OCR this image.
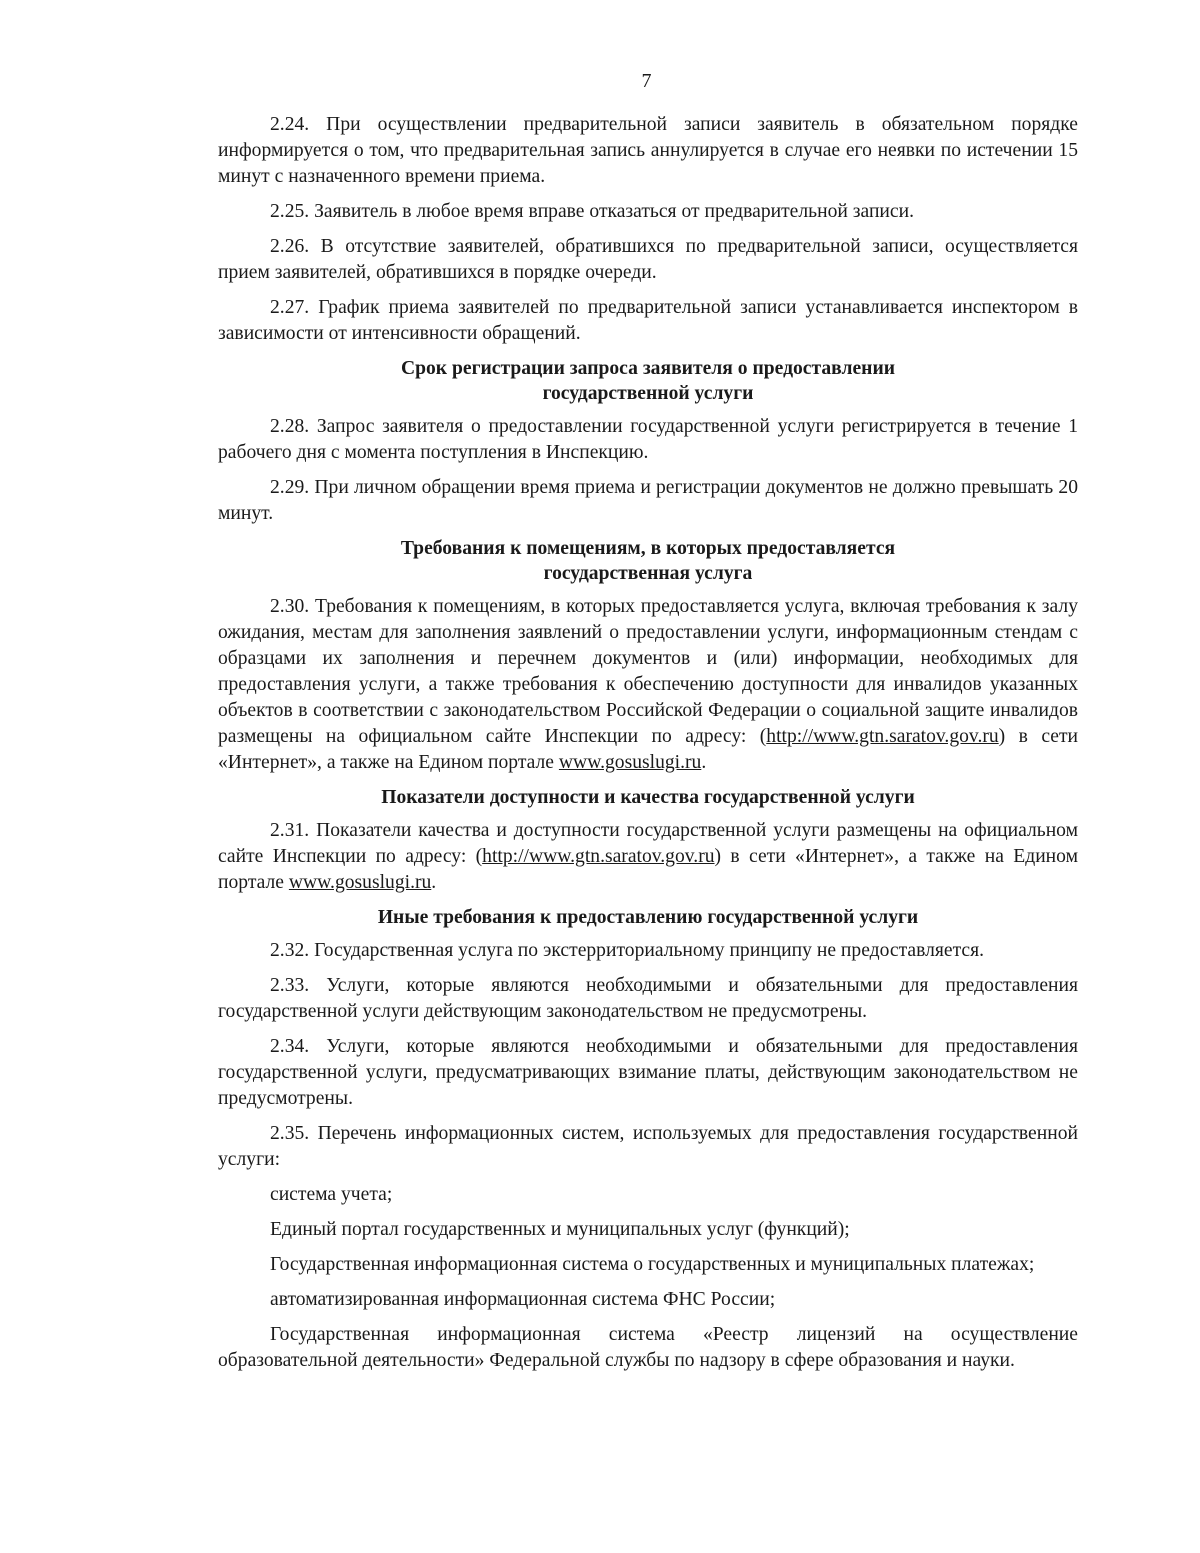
7

2.24. При осуществлении предварительной записи заявитель в обязательном порядке информируется о том, что предварительная запись аннулируется в случае его неявки по истечении 15 минут с назначенного времени приема.

2.25. Заявитель в любое время вправе отказаться от предварительной записи.

2.26. В отсутствие заявителей, обратившихся по предварительной записи, осуществляется прием заявителей, обратившихся в порядке очереди.

2.27. График приема заявителей по предварительной записи устанавливается инспектором в зависимости от интенсивности обращений.

Срок регистрации запроса заявителя о предоставлении
государственной услуги

2.28. Запрос заявителя о предоставлении государственной услуги регистрируется в течение 1 рабочего дня с момента поступления в Инспекцию.

2.29. При личном обращении время приема и регистрации документов не должно превышать 20 минут.

Требования к помещениям, в которых предоставляется
государственная услуга

2.30. Требования к помещениям, в которых предоставляется услуга, включая требования к залу ожидания, местам для заполнения заявлений о предоставлении услуги, информационным стендам с образцами их заполнения и перечнем документов и (или) информации, необходимых для предоставления услуги, а также требования к обеспечению доступности для инвалидов указанных объектов в соответствии с законодательством Российской Федерации о социальной защите инвалидов размещены на официальном сайте Инспекции по адресу: (http://www.gtn.saratov.gov.ru) в сети «Интернет», а также на Едином портале www.gosuslugi.ru.

Показатели доступности и качества государственной услуги

2.31. Показатели качества и доступности государственной услуги размещены на официальном сайте Инспекции по адресу: (http://www.gtn.saratov.gov.ru) в сети «Интернет», а также на Едином портале www.gosuslugi.ru.

Иные требования к предоставлению государственной услуги

2.32. Государственная услуга по экстерриториальному принципу не предоставляется.

2.33. Услуги, которые являются необходимыми и обязательными для предоставления государственной услуги действующим законодательством не предусмотрены.

2.34. Услуги, которые являются необходимыми и обязательными для предоставления государственной услуги, предусматривающих взимание платы, действующим законодательством не предусмотрены.

2.35. Перечень информационных систем, используемых для предоставления государственной услуги:

система учета;

Единый портал государственных и муниципальных услуг (функций);

Государственная информационная система о государственных и муниципальных платежах;

автоматизированная информационная система ФНС России;

Государственная информационная система «Реестр лицензий на осуществление образовательной деятельности» Федеральной службы по надзору в сфере образования и науки.
